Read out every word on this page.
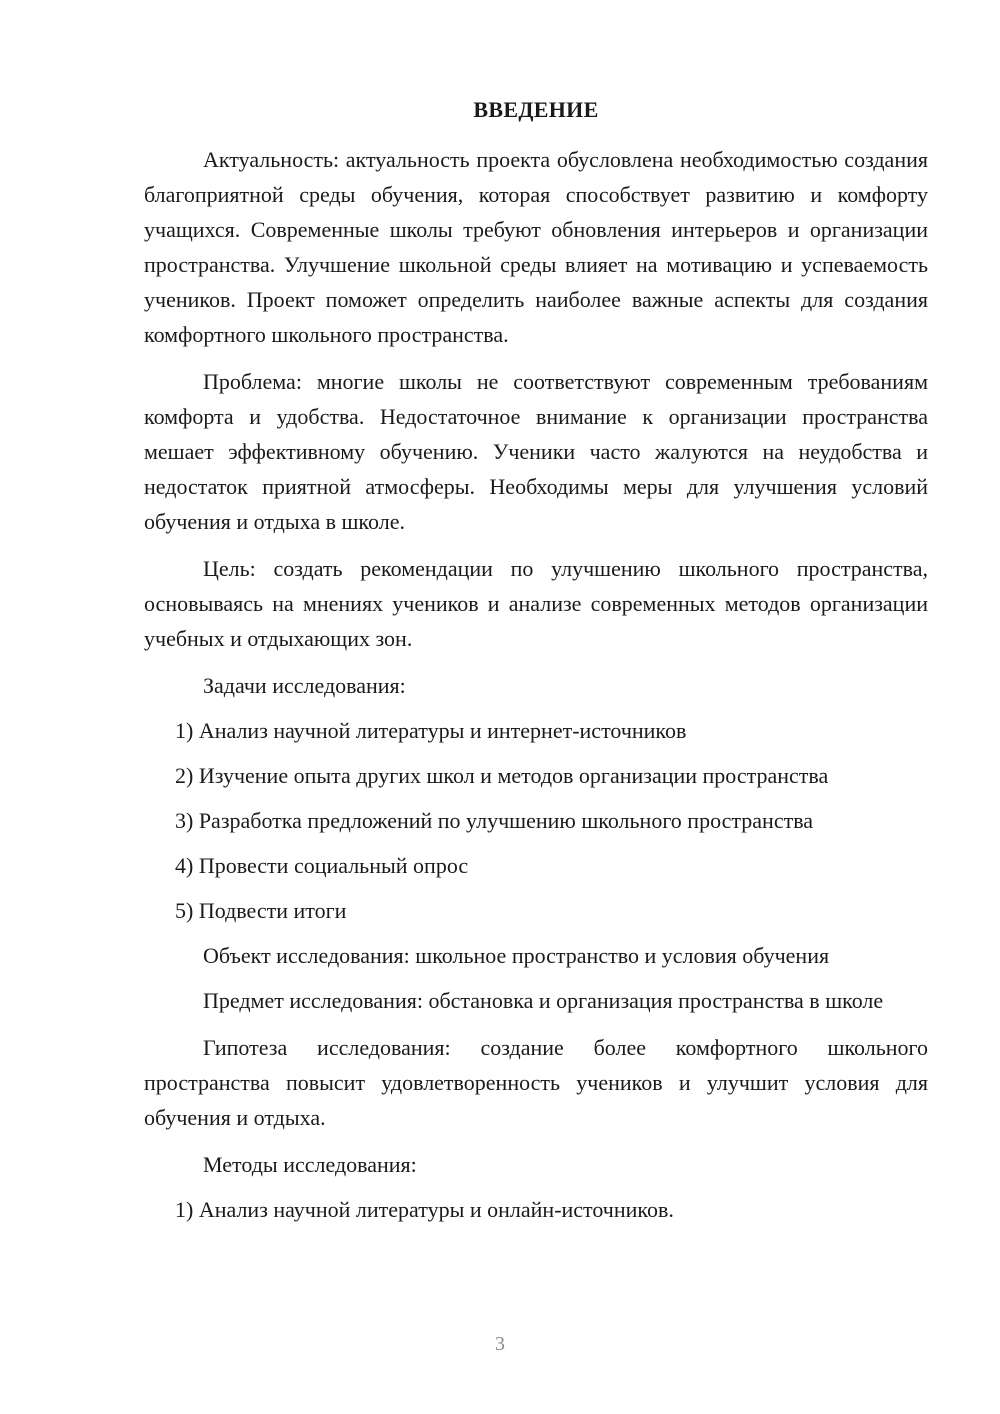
ВВЕДЕНИЕ

Актуальность: актуальность проекта обусловлена необходимостью создания благоприятной среды обучения, которая способствует развитию и комфорту учащихся. Современные школы требуют обновления интерьеров и организации пространства. Улучшение школьной среды влияет на мотивацию и успеваемость учеников. Проект поможет определить наиболее важные аспекты для создания комфортного школьного пространства.

Проблема: многие школы не соответствуют современным требованиям комфорта и удобства. Недостаточное внимание к организации пространства мешает эффективному обучению. Ученики часто жалуются на неудобства и недостаток приятной атмосферы. Необходимы меры для улучшения условий обучения и отдыха в школе.

Цель: создать рекомендации по улучшению школьного пространства, основываясь на мнениях учеников и анализе современных методов организации учебных и отдыхающих зон.

Задачи исследования:

1) Анализ научной литературы и интернет-источников

2) Изучение опыта других школ и методов организации пространства

3) Разработка предложений по улучшению школьного пространства

4) Провести социальный опрос

5) Подвести итоги

Объект исследования: школьное пространство и условия обучения

Предмет исследования: обстановка и организация пространства в школе

Гипотеза исследования: создание более комфортного школьного пространства повысит удовлетворенность учеников и улучшит условия для обучения и отдыха.

Методы исследования:

1) Анализ научной литературы и онлайн-источников.

3
